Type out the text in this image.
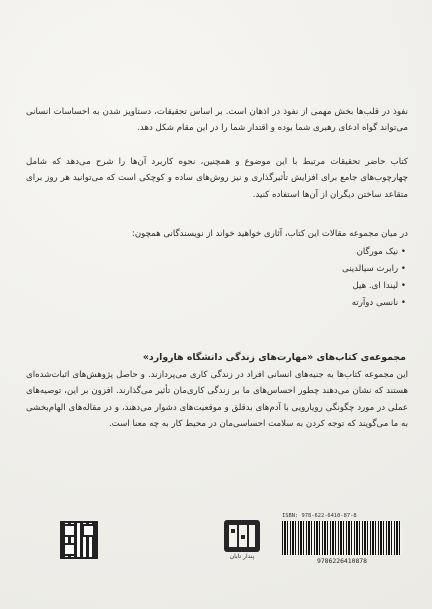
نفوذ در قلب‌ها بخش مهمی از نفوذ در اذهان است. بر اساس تحقیقات، دستاویز شدن به احساسات انسانی می‌تواند گواه ادعای رهبری شما بوده و اقتدار شما را در این مقام شکل دهد.
کتاب حاضر تحقیقات مرتبط با این موضوع و همچنین، نحوه کاربرد آن‌ها را شرح می‌دهد که شامل چهارچوب‌های جامع برای افزایش تأثیرگذاری و نیز روش‌های ساده و کوچکی است که می‌توانید هر روز برای متقاعد ساختن دیگران از آن‌ها استفاده کنید.
در میان مجموعه مقالات این کتاب، آثاری خواهید خواند از نویسندگانی همچون:
• نیک مورگان
• رابرت سیالدینی
• لیندا ای. هیل
• نانسی دوآرته
مجموعه‌ی کتاب‌های «مهارت‌های زندگی دانشگاه هاروارد»
این مجموعه کتاب‌ها به جنبه‌های انسانی افراد در زندگی کاری می‌پردازند. و حاصل پژوهش‌های اثبات‌شده‌ای هستند که نشان می‌دهند چطور احساس‌های ما بر زندگی کاری‌مان تأثیر می‌گذارند. افزون بر این، توصیه‌های عملی در مورد چگونگی رویارویی با آدم‌های بدقلق و موقعیت‌های دشوار می‌دهند، و در مقاله‌های الهام‌بخشی به ما می‌گویند که توجه کردن به سلامت احساسی‌مان در محیط کار به چه معنا است.
پندار تابان
ISBN: 978-622-6410-87-8
9786226410878
